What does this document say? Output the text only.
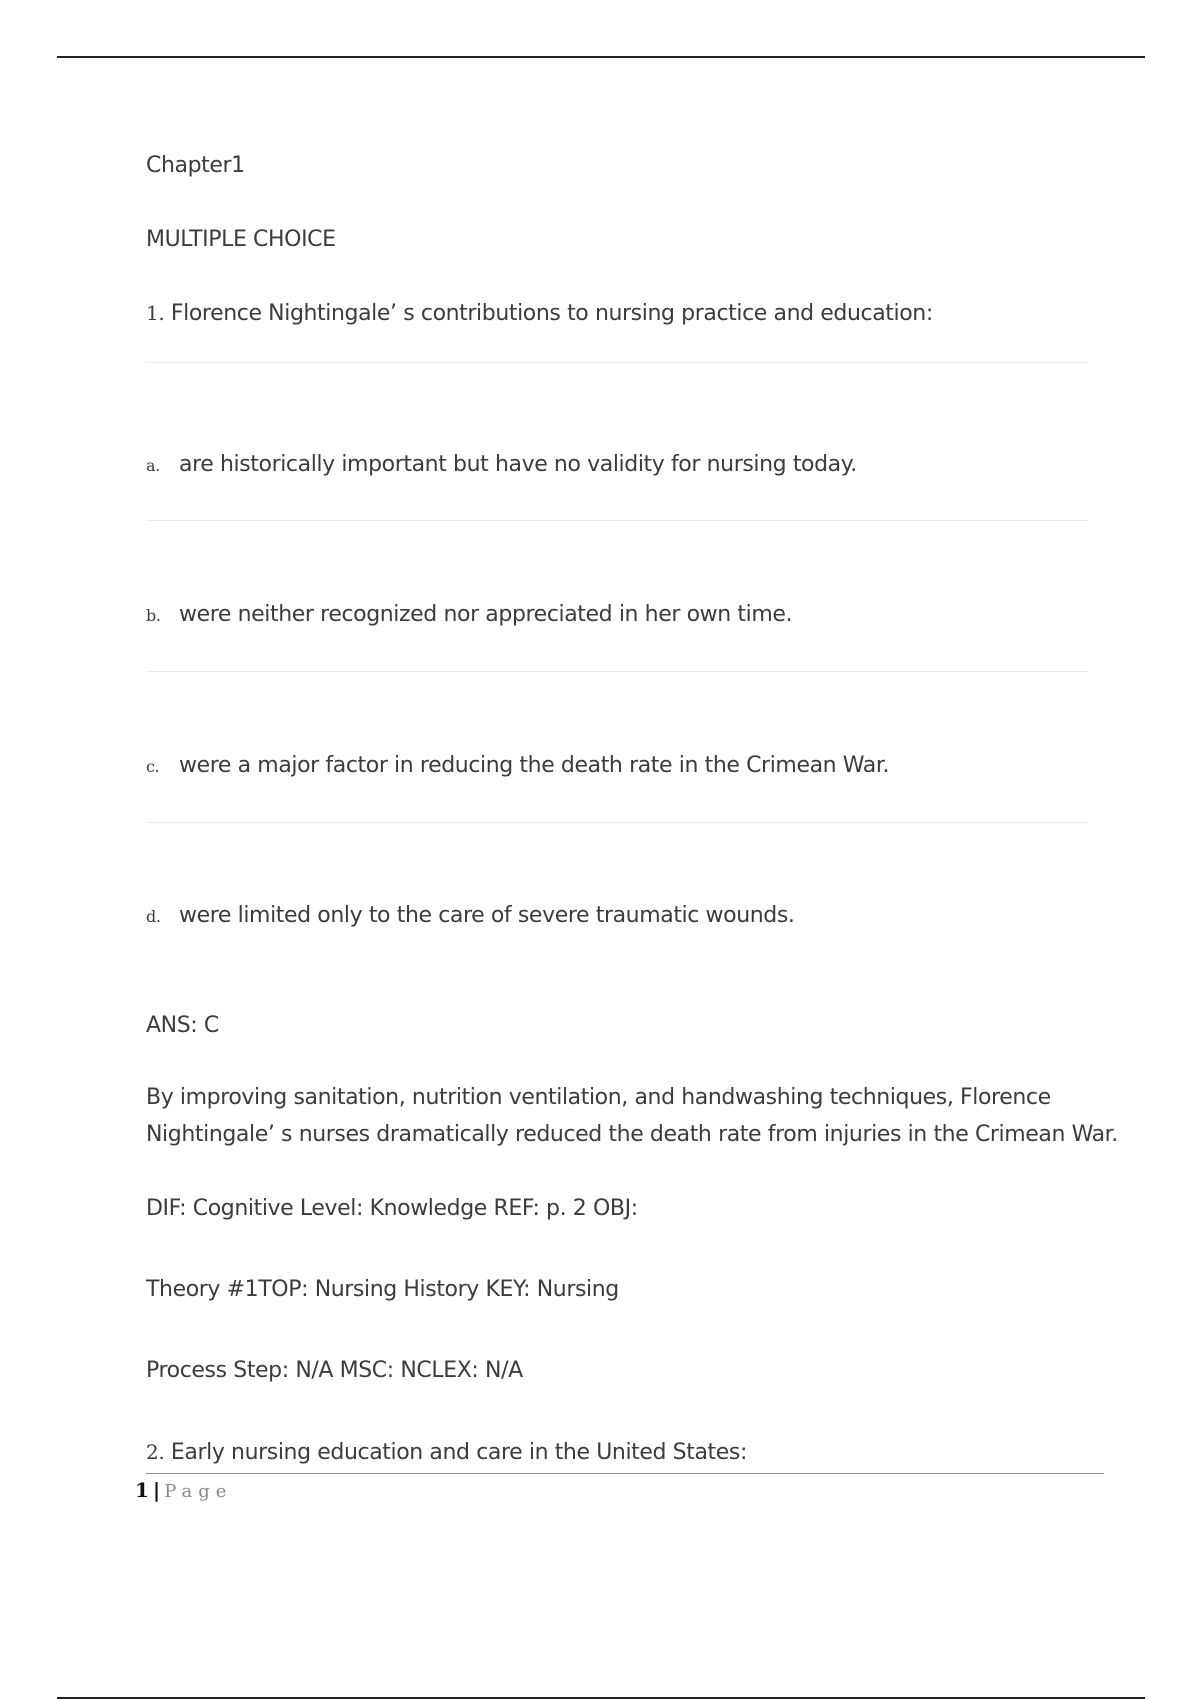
Chapter1
MULTIPLE CHOICE
1. Florence Nightingale’ s contributions to nursing practice and education:
a. are historically important but have no validity for nursing today.
b. were neither recognized nor appreciated in her own time.
c. were a major factor in reducing the death rate in the Crimean War.
d. were limited only to the care of severe traumatic wounds.
ANS: C
By improving sanitation, nutrition ventilation, and handwashing techniques, Florence
Nightingale’ s nurses dramatically reduced the death rate from injuries in the Crimean War.
DIF: Cognitive Level: Knowledge REF: p. 2 OBJ:
Theory #1TOP: Nursing History KEY: Nursing
Process Step: N/A MSC: NCLEX: N/A
2. Early nursing education and care in the United States:
1 | Page
